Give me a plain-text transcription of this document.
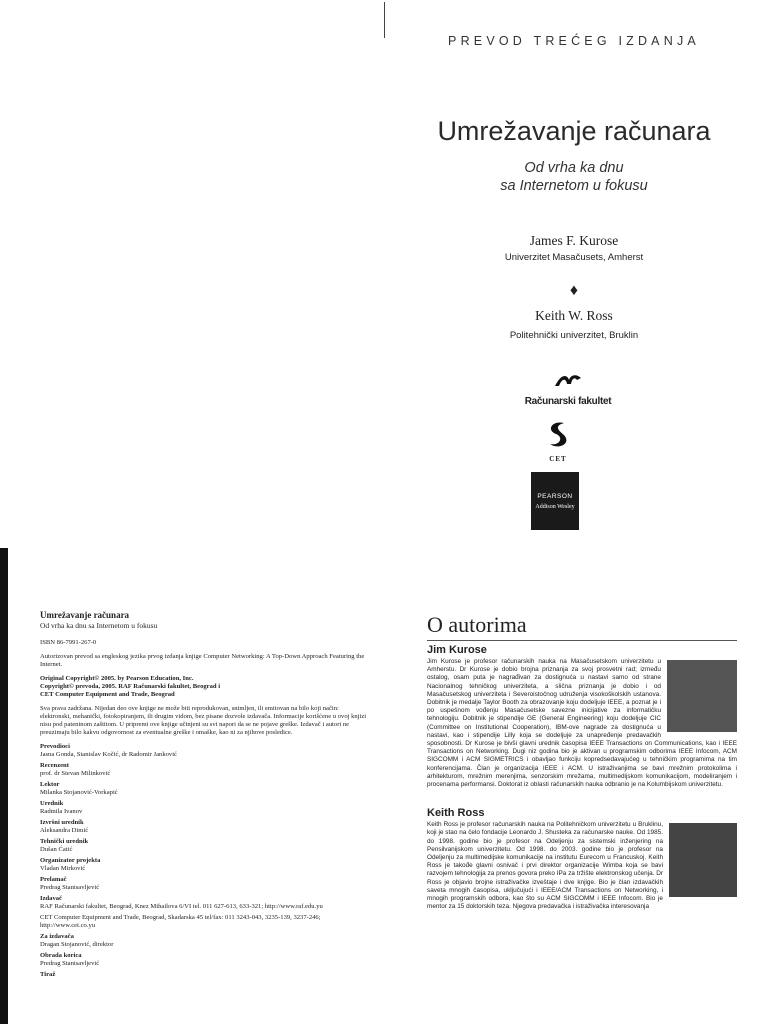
PREVOD TREĆEG IZDANJA
Umrežavanje računara
Od vrha ka dnu
sa Internetom u fokusu
James F. Kurose
Univerzitet Masačusets, Amherst
♦
Keith W. Ross
Politehnički univerzitet, Bruklin
Računarski fakultet
CET
PEARSON
Addison Wesley
Umrežavanje računara
Od vrha ka dnu sa Internetom u fokusu

ISBN 86-7991-267-0

Autorizovan prevod sa engleskog jezika prvog izdanja knjige Computer Networking: A Top-Down Approach Featuring the Internet.

Original Copyright© 2005. by Pearson Education, Inc.
Copyright© prevoda, 2005. RAF Računarski fakultet, Beograd i
CET Computer Equipment and Trade, Beograd

Sva prava zadržana. Nijedan deo ove knjige ne može biti reprodukovan, snimljen, ili emitovan na bilo koji način: elektronski, mehanički, fotokopiranjem, ili drugim vidom, bez pisane dozvole izdavača. Informacije korišćene u ovoj knjizi nisu pod patentnom zaštitom. U pripremi ove knjige učinjeni su svi napori da se ne pojave greške. Izdavač i autori ne preuzimaju bilo kakvu odgovornost za eventualne greške i omaške, kao ni za njihove posledice.

Prevodioci
Jasna Gonda, Stanislav Kočić, dr Radomir Janković
Recenzent
prof. dr Stevan Milinković
Lektor
Milanka Stojanović-Vorkapić
Urednik
Radmila Ivanov
Izvršni urednik
Aleksandra Dimić
Tehnički urednik
Dušan Ćatić
Organizator projekta
Vladan Mirković
Prelamač
Predrag Stanisavljević
Izdavač
RAF Računarski fakultet, Beograd, Knez Mihailova 6/VI tel. 011 627-613, 633-321; http://www.raf.edu.yu
CET Computer Equipment and Trade, Beograd, Skadarska 45 tel/fax: 011 3243-043, 3235-139, 3237-246; http://www.cet.co.yu
Za izdavača
Dragan Stojanović, direktor
Obrada korica
Predrag Stanisavljević
Tiraž
O autorima
Jim Kurose
Jim Kurose je profesor računarskih nauka na Masačusetskom univerzitetu u Amherstu. Dr Kurose je dobio brojna priznanja za svoj prosvetni rad; između ostalog, osam puta je nagrađivan za dostignuća u nastavi samo od strane Nacionalnog tehničkog univerziteta, a slična priznanja je dobio i od Masačusetskog univerziteta i Severoistočnog udruženja visokoškolskih ustanova. Dobitnik je medalje Taylor Booth za obrazovanje koju dodeljuje IEEE, a poznat je i po uspešnom vođenju Masačusetske savezne inicijative za informatičku tehnologiju. Dobitnik je stipendije GE (General Engineering) koju dodeljuje CIC (Committee on Institutional Cooperation), IBM-ove nagrade za dostignuća u nastavi, kao i stipendije Lilly koja se dodeljuje za unapređenje predavačkih sposobnosti. Dr Kurose je bivši glavni urednik časopisa IEEE Transactions on Communications, kao i IEEE Transactions on Networking. Dugi niz godina bio je aktivan u programskim odborima IEEE Infocom, ACM SIGCOMM i ACM SIGMETRICS i obavljao funkciju kopredsedavajućeg u tehničkim programima na tim konferencijama. Član je organizacija IEEE i ACM. U istraživanjima se bavi mrežnim protokolima i arhitekturom, mrežnim merenjima, senzorskim mrežama, multimedijskom komunikacijom, modeliranjem i procenama performansi. Doktorat iz oblasti računarskih nauka odbranio je na Kolumbijskom univerzitetu.
Keith Ross
Keith Ross je profesor računarskih nauka na Politehničkom univerzitetu u Bruklinu, koji je stao na čelo fondacije Leonardo J. Shusteka za računarske nauke. Od 1985. do 1998. godine bio je profesor na Odeljenju za sistemski inženjering na Pensilvanijskom univerzitetu. Od 1998. do 2003. godine bio je profesor na Odeljenju za multimedijske komunikacije na institutu Eurecom u Francuskoj. Keith Ross je takođe glavni osnivač i prvi direktor organizacije Wimba koja se bavi razvojem tehnologija za prenos govora preko IPa za tržište elektronskog učenja. Dr Ross je objavio brojne istraživačke izveštaje i dve knjige. Bio je član izdavačkih saveta mnogih časopisa, uključujući i IEEE/ACM Transactions on Networking, i mnogih programskih odbora, kao što su ACM SIGCOMM i IEEE Infocom. Bio je mentor za 15 doktorskih teza. Njegova predavačka i istraživačka interesovanja
